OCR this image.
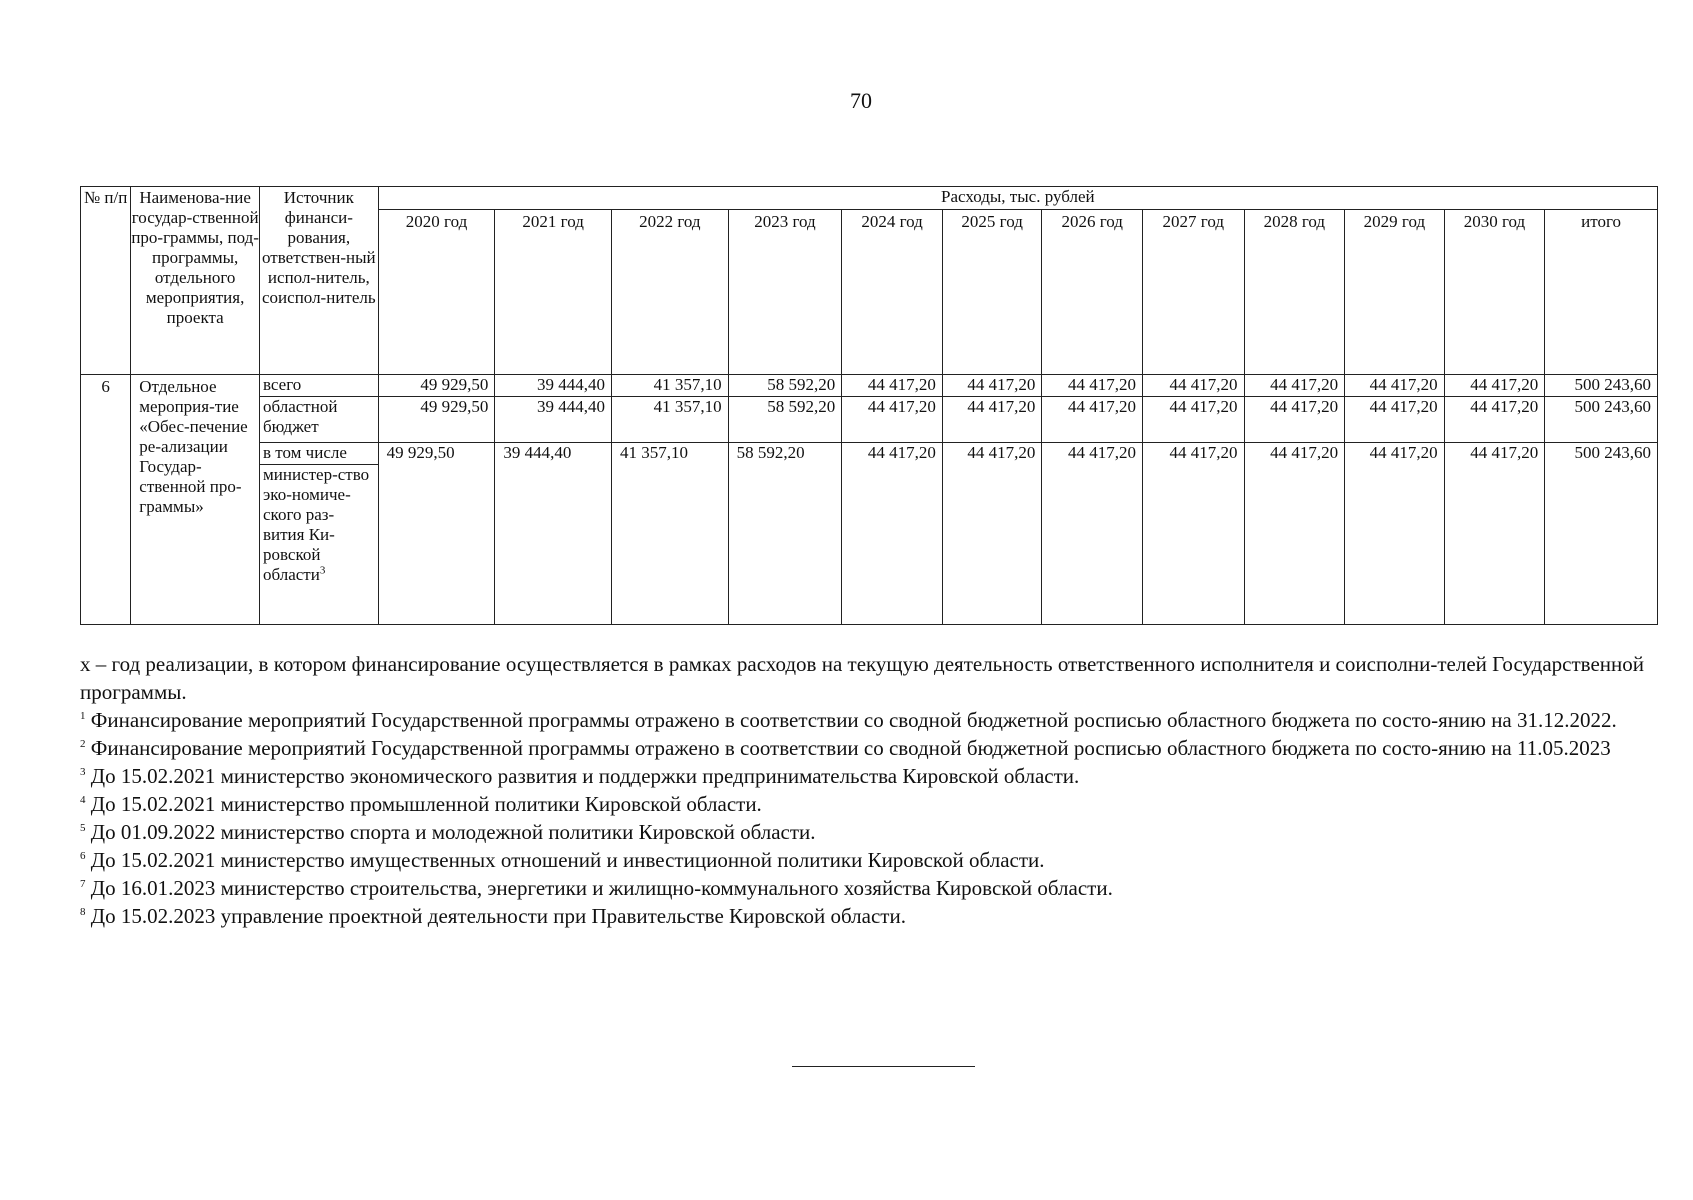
70
№ п/п	Наименова-ние государ-ственной про-граммы, под-программы, отдельного мероприятия, проекта	Источник финанси-рования, ответствен-ный испол-нитель, соиспол-нитель	Расходы, тыс. рублей											
			2020 год	2021 год	2022 год	2023 год	2024 год	2025 год	2026 год	2027 год	2028 год	2029 год	2030 год	итого
6	Отдельное мероприя-тие «Обес-печение ре-ализации Государ-ственной про-граммы»	всего	49 929,50	39 444,40	41 357,10	58 592,20	44 417,20	44 417,20	44 417,20	44 417,20	44 417,20	44 417,20	44 417,20	500 243,60
		областной бюджет	49 929,50	39 444,40	41 357,10	58 592,20	44 417,20	44 417,20	44 417,20	44 417,20	44 417,20	44 417,20	44 417,20	500 243,60
		в том числе	49 929,50	39 444,40	41 357,10	58 592,20	44 417,20	44 417,20	44 417,20	44 417,20	44 417,20	44 417,20	44 417,20	500 243,60
		министер-ство эко-номиче-ского раз-вития Ки-ровской области$^3$

х – год реализации, в котором финансирование осуществляется в рамках расходов на текущую деятельность ответственного исполнителя и соисполни-телей Государственной программы.

$^1$ Финансирование мероприятий Государственной программы отражено в соответствии со сводной бюджетной росписью областного бюджета по состо-янию на 31.12.2022.

$^2$ Финансирование мероприятий Государственной программы отражено в соответствии со сводной бюджетной росписью областного бюджета по состо-янию на 11.05.2023

$^3$ До 15.02.2021 министерство экономического развития и поддержки предпринимательства Кировской области.

$^4$ До 15.02.2021 министерство промышленной политики Кировской области.

$^5$ До 01.09.2022 министерство спорта и молодежной политики Кировской области.

$^6$ До 15.02.2021 министерство имущественных отношений и инвестиционной политики Кировской области.

$^7$ До 16.01.2023 министерство строительства, энергетики и жилищно-коммунального хозяйства Кировской области.

$^8$ До 15.02.2023 управление проектной деятельности при Правительстве Кировской области.
